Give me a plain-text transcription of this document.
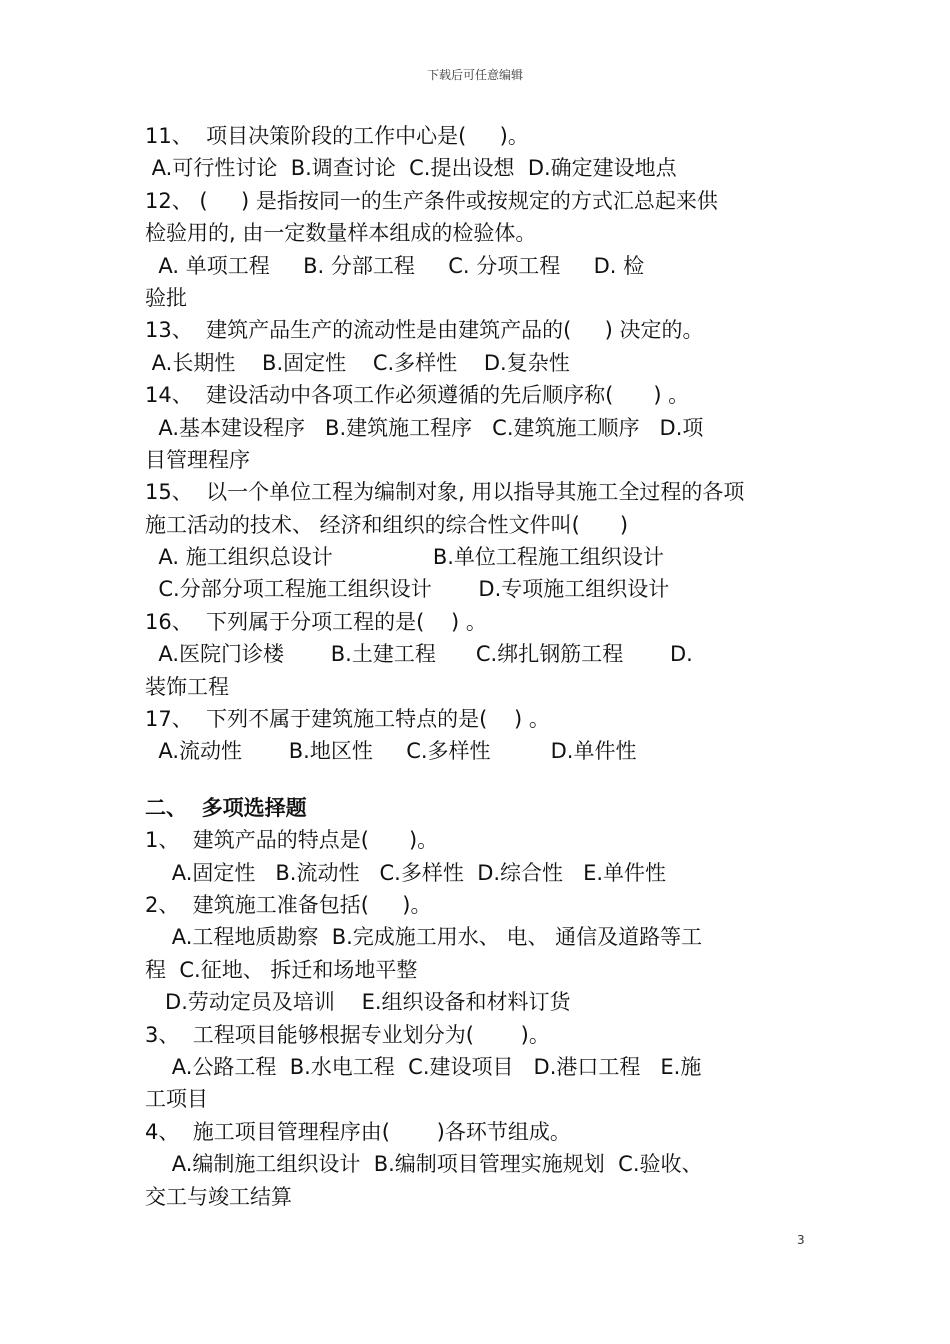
下载后可任意编辑
11、  项目决策阶段的工作中心是(     )。
A.可行性讨论  B.调查讨论  C.提出设想  D.确定建设地点
12、 (     ) 是指按同一的生产条件或按规定的方式汇总起来供
检验用的, 由一定数量样本组成的检验体。
A. 单项工程     B. 分部工程     C. 分项工程     D. 检
验批
13、  建筑产品生产的流动性是由建筑产品的(     ) 决定的。
A.长期性    B.固定性    C.多样性    D.复杂性
14、  建设活动中各项工作必须遵循的先后顺序称(      ) 。
A.基本建设程序   B.建筑施工程序   C.建筑施工顺序   D.项
目管理程序
15、  以一个单位工程为编制对象, 用以指导其施工全过程的各项
施工活动的技术、 经济和组织的综合性文件叫(      )
A. 施工组织总设计               B.单位工程施工组织设计
C.分部分项工程施工组织设计       D.专项施工组织设计
16、  下列属于分项工程的是(    ) 。
A.医院门诊楼       B.土建工程      C.绑扎钢筋工程       D.
装饰工程
17、  下列不属于建筑施工特点的是(    ) 。
A.流动性       B.地区性     C.多样性         D.单件性
二、  多项选择题
1、  建筑产品的特点是(      )。
A.固定性   B.流动性   C.多样性  D.综合性   E.单件性
2、  建筑施工准备包括(     )。
A.工程地质勘察  B.完成施工用水、 电、 通信及道路等工
程  C.征地、 拆迁和场地平整
D.劳动定员及培训    E.组织设备和材料订货
3、  工程项目能够根据专业划分为(       )。
A.公路工程  B.水电工程  C.建设项目   D.港口工程   E.施
工项目
4、  施工项目管理程序由(       )各环节组成。
A.编制施工组织设计  B.编制项目管理实施规划  C.验收、
交工与竣工结算
3
